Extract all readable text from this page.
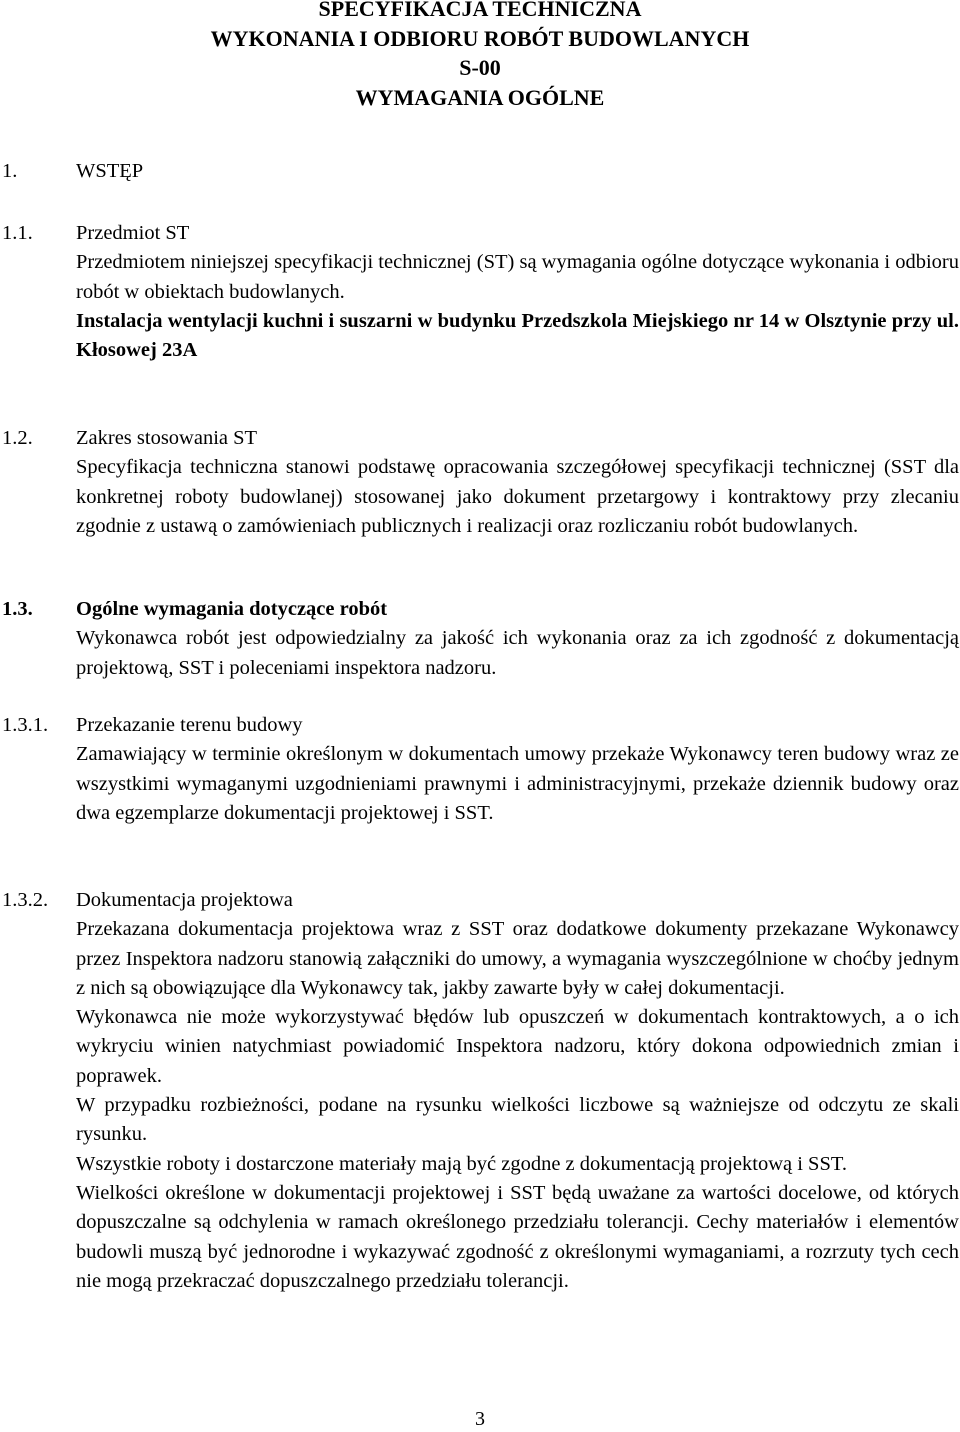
SPECYFIKACJA TECHNICZNA
WYKONANIA I ODBIORU ROBÓT BUDOWLANYCH
S-00
WYMAGANIA OGÓLNE
1.	WSTĘP
1.1. Przedmiot ST
Przedmiotem niniejszej specyfikacji technicznej (ST) są wymagania ogólne dotyczące wykonania i odbioru robót w obiektach budowlanych.
Instalacja wentylacji kuchni i suszarni w budynku Przedszkola Miejskiego nr 14 w Olsztynie przy ul. Kłosowej 23A
1.2. Zakres stosowania ST
Specyfikacja techniczna stanowi podstawę opracowania szczegółowej specyfikacji technicznej (SST dla konkretnej roboty budowlanej) stosowanej jako dokument przetargowy i kontraktowy przy zlecaniu zgodnie z ustawą o zamówieniach publicznych i realizacji oraz rozliczaniu robót budowlanych.
1.3. Ogólne wymagania dotyczące robót
Wykonawca robót jest odpowiedzialny za jakość ich wykonania oraz za ich zgodność z dokumentacją projektową, SST i poleceniami inspektora nadzoru.
1.3.1. Przekazanie terenu budowy
Zamawiający w terminie określonym w dokumentach umowy przekaże Wykonawcy teren budowy wraz ze wszystkimi wymaganymi uzgodnieniami prawnymi i administracyjnymi, przekaże dziennik budowy oraz dwa egzemplarze dokumentacji projektowej i SST.
1.3.2. Dokumentacja projektowa
Przekazana dokumentacja projektowa wraz z SST oraz dodatkowe dokumenty przekazane Wykonawcy przez Inspektora nadzoru stanowią załączniki do umowy, a wymagania wyszczególnione w choćby jednym z nich są obowiązujące dla Wykonawcy tak, jakby zawarte były w całej dokumentacji.
Wykonawca nie może wykorzystywać błędów lub opuszczeń w dokumentach kontraktowych, a o ich wykryciu winien natychmiast powiadomić Inspektora nadzoru, który dokona odpowiednich zmian i poprawek.
W przypadku rozbieżności, podane na rysunku wielkości liczbowe są ważniejsze od odczytu ze skali rysunku.
Wszystkie roboty i dostarczone materiały mają być zgodne z dokumentacją projektową i SST.
Wielkości określone w dokumentacji projektowej i SST będą uważane za wartości docelowe, od których dopuszczalne są odchylenia w ramach określonego przedziału tolerancji. Cechy materiałów i elementów budowli muszą być jednorodne i wykazywać zgodność z określonymi wymaganiami, a rozrzuty tych cech nie mogą przekraczać dopuszczalnego przedziału tolerancji.
3
